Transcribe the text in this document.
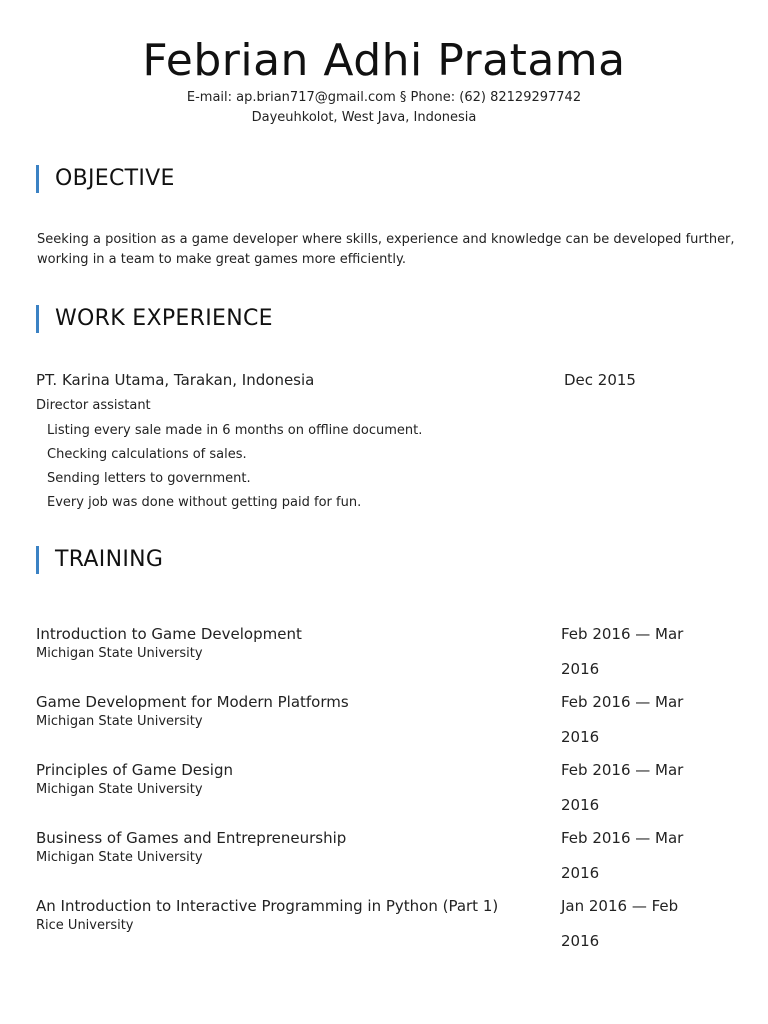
Febrian Adhi Pratama
E-mail: ap.brian717@gmail.com § Phone: (62) 82129297742
Dayeuhkolot, West Java, Indonesia
OBJECTIVE
Seeking a position as a game developer where skills, experience and knowledge can be developed further, working in a team to make great games more efficiently.
WORK EXPERIENCE
PT. Karina Utama, Tarakan, Indonesia	Dec 2015
Director assistant
Listing every sale made in 6 months on offline document.
Checking calculations of sales.
Sending letters to government.
Every job was done without getting paid for fun.
TRAINING
Introduction to Game Development
Michigan State University
Feb 2016 — Mar 2016
Game Development for Modern Platforms
Michigan State University
Feb 2016 — Mar 2016
Principles of Game Design
Michigan State University
Feb 2016 — Mar 2016
Business of Games and Entrepreneurship
Michigan State University
Feb 2016 — Mar 2016
An Introduction to Interactive Programming in Python (Part 1)
Rice University
Jan 2016 — Feb 2016
